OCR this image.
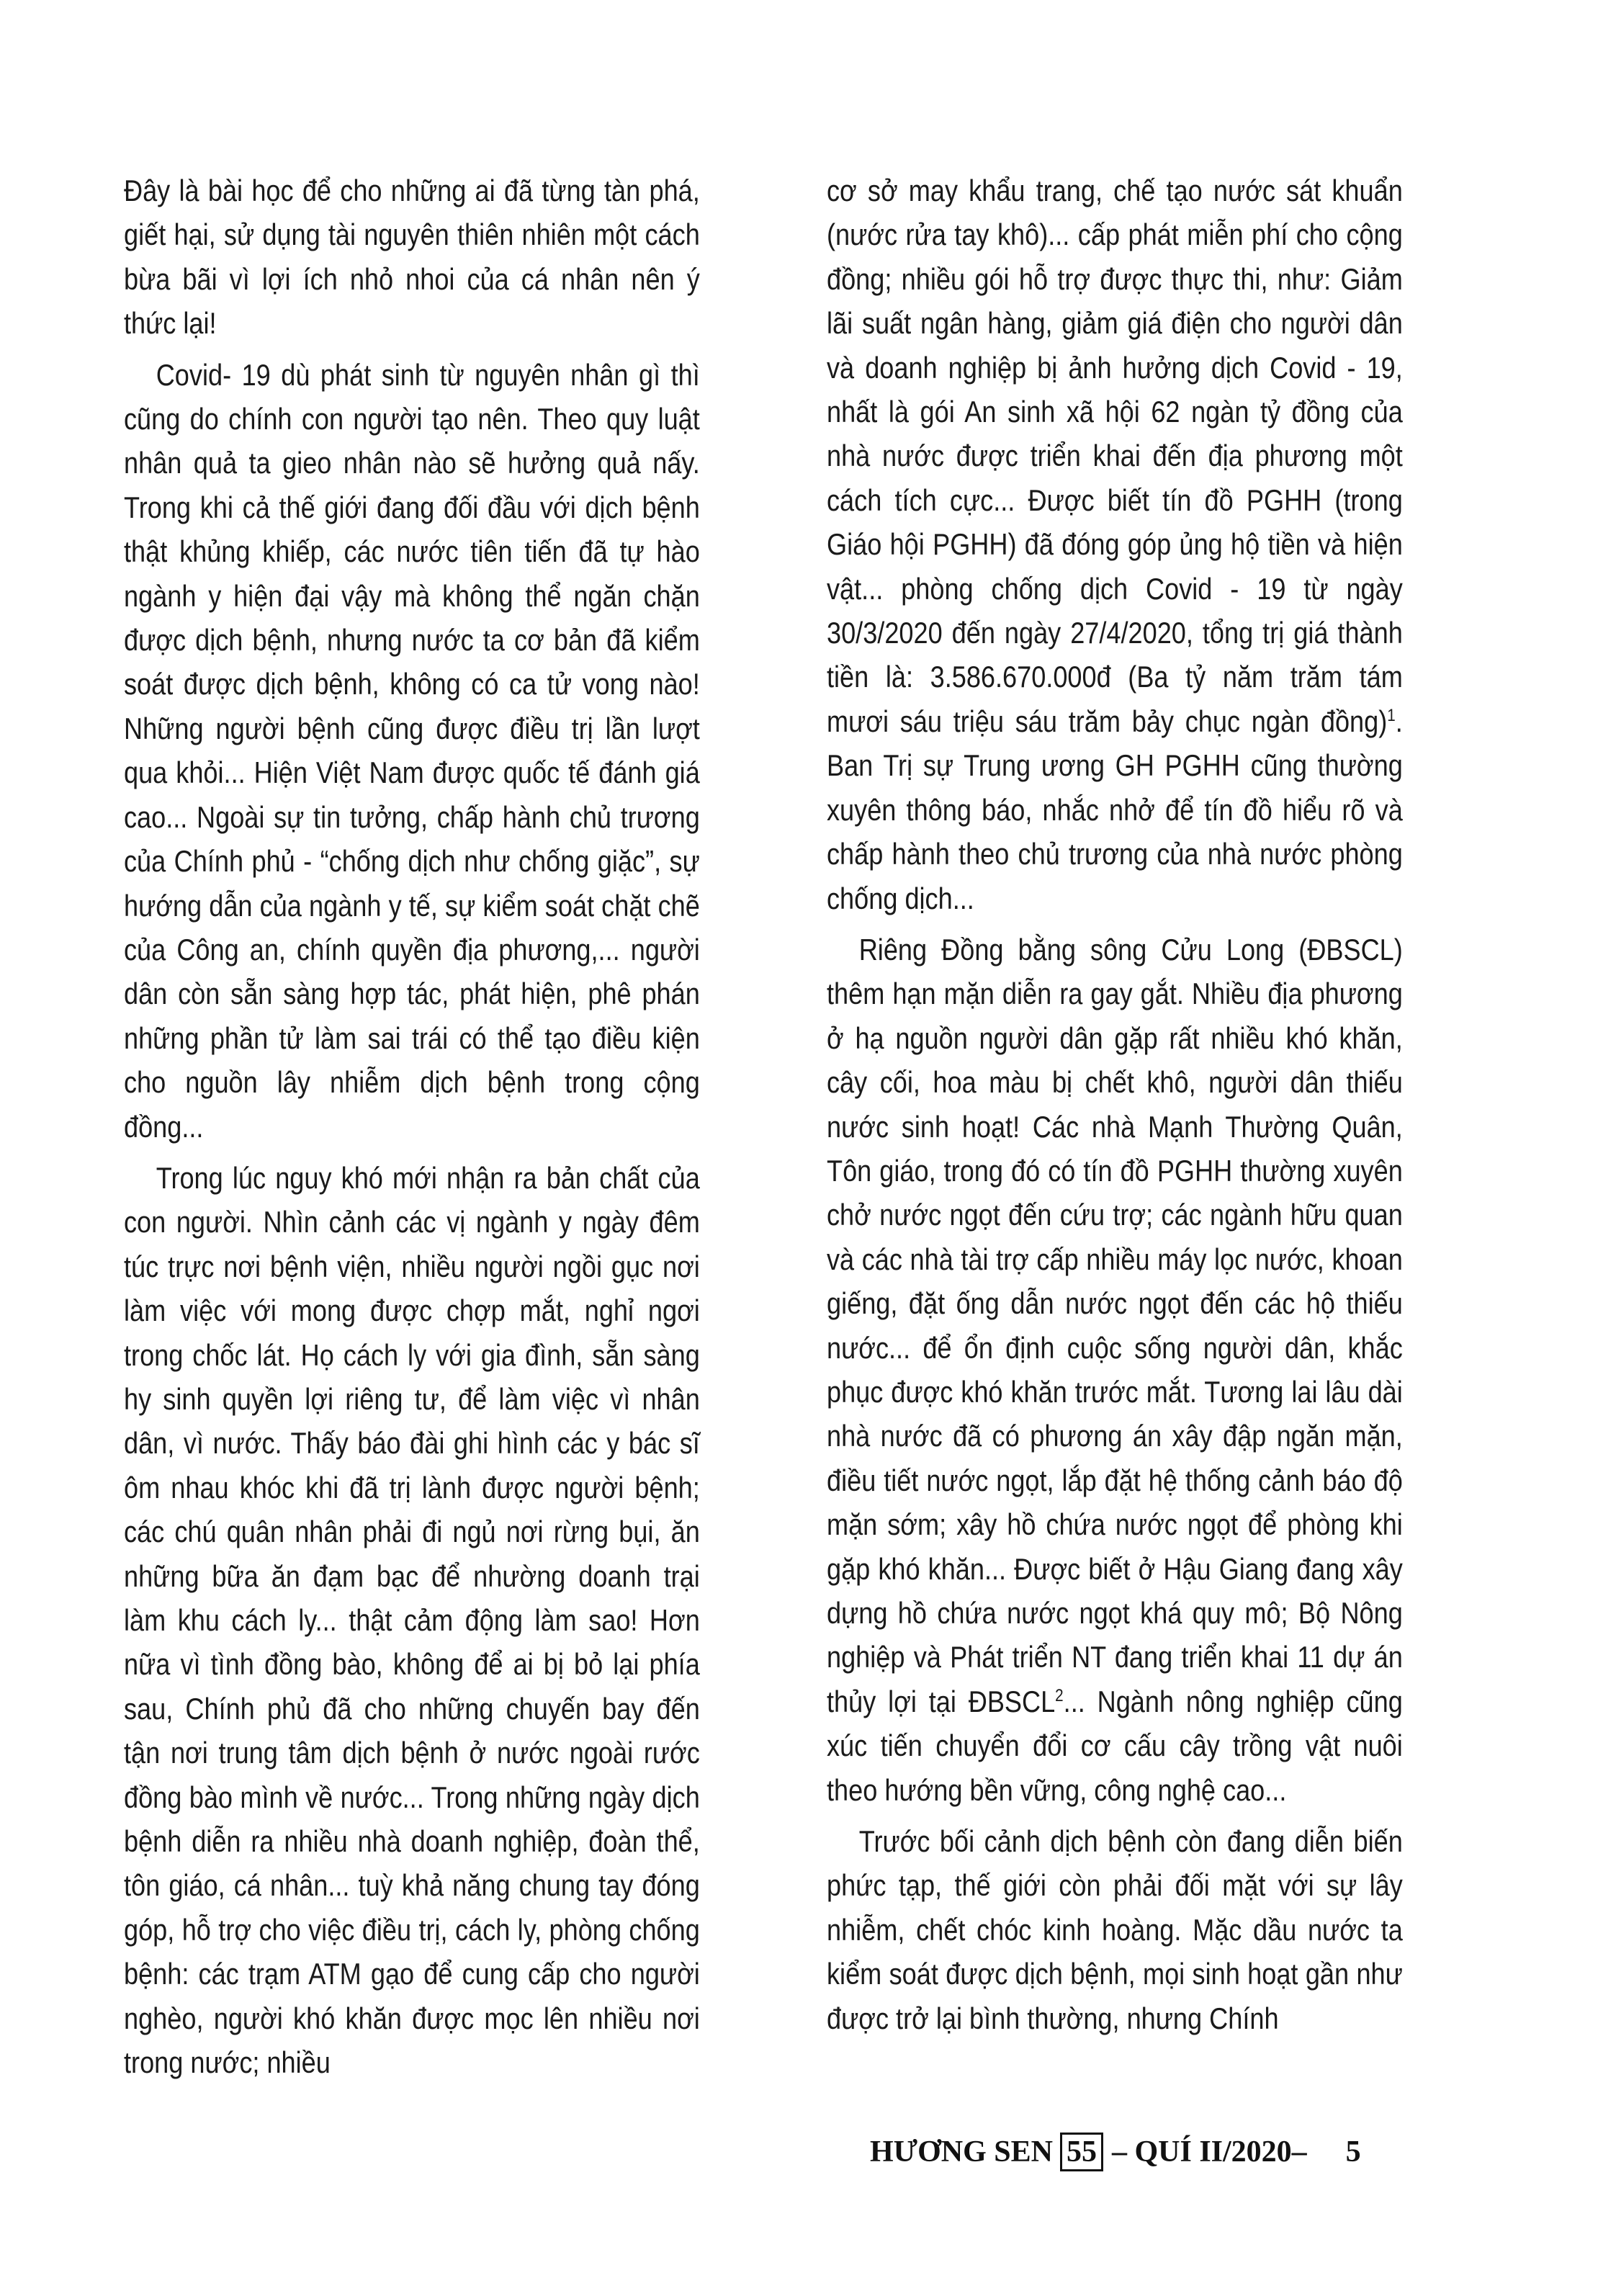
Đây là bài học để cho những ai đã từng tàn phá, giết hại, sử dụng tài nguyên thiên nhiên một cách bừa bãi vì lợi ích nhỏ nhoi của cá nhân nên ý thức lại!

Covid- 19 dù phát sinh từ nguyên nhân gì thì cũng do chính con người tạo nên. Theo quy luật nhân quả ta gieo nhân nào sẽ hưởng quả nấy. Trong khi cả thế giới đang đối đầu với dịch bệnh thật khủng khiếp, các nước tiên tiến đã tự hào ngành y hiện đại vậy mà không thể ngăn chặn được dịch bệnh, nhưng nước ta cơ bản đã kiểm soát được dịch bệnh, không có ca tử vong nào! Những người bệnh cũng được điều trị lần lượt qua khỏi... Hiện Việt Nam được quốc tế đánh giá cao... Ngoài sự tin tưởng, chấp hành chủ trương của Chính phủ - “chống dịch như chống giặc”, sự hướng dẫn của ngành y tế, sự kiểm soát chặt chẽ của Công an, chính quyền địa phương,... người dân còn sẵn sàng hợp tác, phát hiện, phê phán những phần tử làm sai trái có thể tạo điều kiện cho nguồn lây nhiễm dịch bệnh trong cộng đồng...

Trong lúc nguy khó mới nhận ra bản chất của con người. Nhìn cảnh các vị ngành y ngày đêm túc trực nơi bệnh viện, nhiều người ngồi gục nơi làm việc với mong được chợp mắt, nghỉ ngơi trong chốc lát. Họ cách ly với gia đình, sẵn sàng hy sinh quyền lợi riêng tư, để làm việc vì nhân dân, vì nước. Thấy báo đài ghi hình các y bác sĩ ôm nhau khóc khi đã trị lành được người bệnh; các chú quân nhân phải đi ngủ nơi rừng bụi, ăn những bữa ăn đạm bạc để nhường doanh trại làm khu cách ly... thật cảm động làm sao! Hơn nữa vì tình đồng bào, không để ai bị bỏ lại phía sau, Chính phủ đã cho những chuyến bay đến tận nơi trung tâm dịch bệnh ở nước ngoài rước đồng bào mình về nước... Trong những ngày dịch bệnh diễn ra nhiều nhà doanh nghiệp, đoàn thể, tôn giáo, cá nhân... tuỳ khả năng chung tay đóng góp, hỗ trợ cho việc điều trị, cách ly, phòng chống bệnh: các trạm ATM gạo để cung cấp cho người nghèo, người khó khăn được mọc lên nhiều nơi trong nước; nhiều

cơ sở may khẩu trang, chế tạo nước sát khuẩn (nước rửa tay khô)... cấp phát miễn phí cho cộng đồng; nhiều gói hỗ trợ được thực thi, như: Giảm lãi suất ngân hàng, giảm giá điện cho người dân và doanh nghiệp bị ảnh hưởng dịch Covid - 19, nhất là gói An sinh xã hội 62 ngàn tỷ đồng của nhà nước được triển khai đến địa phương một cách tích cực... Được biết tín đồ PGHH (trong Giáo hội PGHH) đã đóng góp ủng hộ tiền và hiện vật... phòng chống dịch Covid - 19 từ ngày 30/3/2020 đến ngày 27/4/2020, tổng trị giá thành tiền là: 3.586.670.000đ (Ba tỷ năm trăm tám mươi sáu triệu sáu trăm bảy chục ngàn đồng)$^1$. Ban Trị sự Trung ương GH PGHH cũng thường xuyên thông báo, nhắc nhở để tín đồ hiểu rõ và chấp hành theo chủ trương của nhà nước phòng chống dịch...

Riêng Đồng bằng sông Cửu Long (ĐBSCL) thêm hạn mặn diễn ra gay gắt. Nhiều địa phương ở hạ nguồn người dân gặp rất nhiều khó khăn, cây cối, hoa màu bị chết khô, người dân thiếu nước sinh hoạt! Các nhà Mạnh Thường Quân, Tôn giáo, trong đó có tín đồ PGHH thường xuyên chở nước ngọt đến cứu trợ; các ngành hữu quan và các nhà tài trợ cấp nhiều máy lọc nước, khoan giếng, đặt ống dẫn nước ngọt đến các hộ thiếu nước... để ổn định cuộc sống người dân, khắc phục được khó khăn trước mắt. Tương lai lâu dài nhà nước đã có phương án xây đập ngăn mặn, điều tiết nước ngọt, lắp đặt hệ thống cảnh báo độ mặn sớm; xây hồ chứa nước ngọt để phòng khi gặp khó khăn... Được biết ở Hậu Giang đang xây dựng hồ chứa nước ngọt khá quy mô; Bộ Nông nghiệp và Phát triển NT đang triển khai 11 dự án thủy lợi tại ĐBSCL$^2$... Ngành nông nghiệp cũng xúc tiến chuyển đổi cơ cấu cây trồng vật nuôi theo hướng bền vững, công nghệ cao...

Trước bối cảnh dịch bệnh còn đang diễn biến phức tạp, thế giới còn phải đối mặt với sự lây nhiễm, chết chóc kinh hoàng. Mặc dầu nước ta kiểm soát được dịch bệnh, mọi sinh hoạt gần như được trở lại bình thường, nhưng Chính

HƯƠNG SEN 55 – QUÍ II/2020– 5
